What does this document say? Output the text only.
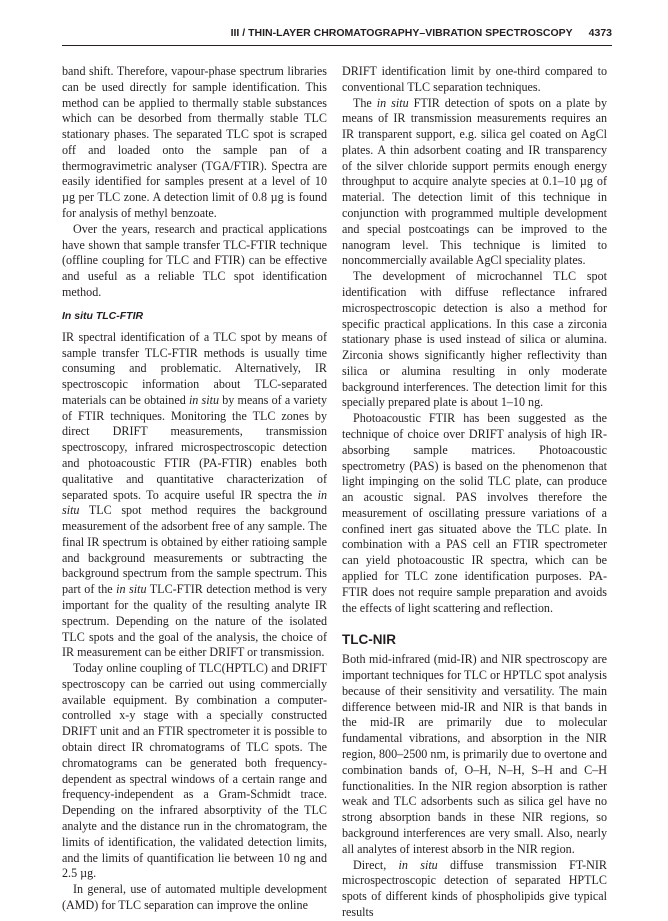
III / THIN-LAYER CHROMATOGRAPHY–VIBRATION SPECTROSCOPY 4373

band shift. Therefore, vapour-phase spectrum libraries can be used directly for sample identification. This method can be applied to thermally stable substances which can be desorbed from thermally stable TLC stationary phases. The separated TLC spot is scraped off and loaded onto the sample pan of a thermogravimetric analyser (TGA/FTIR). Spectra are easily identified for samples present at a level of 10 µg per TLC zone. A detection limit of 0.8 µg is found for analysis of methyl benzoate.

Over the years, research and practical applications have shown that sample transfer TLC-FTIR technique (offline coupling for TLC and FTIR) can be effective and useful as a reliable TLC spot identification method.

In situ TLC-FTIR

IR spectral identification of a TLC spot by means of sample transfer TLC-FTIR methods is usually time consuming and problematic. Alternatively, IR spectroscopic information about TLC-separated materials can be obtained in situ by means of a variety of FTIR techniques. Monitoring the TLC zones by direct DRIFT measurements, transmission spectroscopy, infrared microspectroscopic detection and photoacoustic FTIR (PA-FTIR) enables both qualitative and quantitative characterization of separated spots. To acquire useful IR spectra the in situ TLC spot method requires the background measurement of the adsorbent free of any sample. The final IR spectrum is obtained by either ratioing sample and background measurements or subtracting the background spectrum from the sample spectrum. This part of the in situ TLC-FTIR detection method is very important for the quality of the resulting analyte IR spectrum. Depending on the nature of the isolated TLC spots and the goal of the analysis, the choice of IR measurement can be either DRIFT or transmission.

Today online coupling of TLC(HPTLC) and DRIFT spectroscopy can be carried out using commercially available equipment. By combination a computer-controlled x-y stage with a specially constructed DRIFT unit and an FTIR spectrometer it is possible to obtain direct IR chromatograms of TLC spots. The chromatograms can be generated both frequency-dependent as spectral windows of a certain range and frequency-independent as a Gram-Schmidt trace. Depending on the infrared absorptivity of the TLC analyte and the distance run in the chromatogram, the limits of identification, the validated detection limits, and the limits of quantification lie between 10 ng and 2.5 µg.

In general, use of automated multiple development (AMD) for TLC separation can improve the online

DRIFT identification limit by one-third compared to conventional TLC separation techniques.

The in situ FTIR detection of spots on a plate by means of IR transmission measurements requires an IR transparent support, e.g. silica gel coated on AgCl plates. A thin adsorbent coating and IR transparency of the silver chloride support permits enough energy throughput to acquire analyte species at 0.1–10 µg of material. The detection limit of this technique in conjunction with programmed multiple development and special postcoatings can be improved to the nanogram level. This technique is limited to noncommercially available AgCl speciality plates.

The development of microchannel TLC spot identification with diffuse reflectance infrared microspectroscopic detection is also a method for specific practical applications. In this case a zirconia stationary phase is used instead of silica or alumina. Zirconia shows significantly higher reflectivity than silica or alumina resulting in only moderate background interferences. The detection limit for this specially prepared plate is about 1–10 ng.

Photoacoustic FTIR has been suggested as the technique of choice over DRIFT analysis of high IR-absorbing sample matrices. Photoacoustic spectrometry (PAS) is based on the phenomenon that light impinging on the solid TLC plate, can produce an acoustic signal. PAS involves therefore the measurement of oscillating pressure variations of a confined inert gas situated above the TLC plate. In combination with a PAS cell an FTIR spectrometer can yield photoacoustic IR spectra, which can be applied for TLC zone identification purposes. PA-FTIR does not require sample preparation and avoids the effects of light scattering and reflection.

TLC-NIR

Both mid-infrared (mid-IR) and NIR spectroscopy are important techniques for TLC or HPTLC spot analysis because of their sensitivity and versatility. The main difference between mid-IR and NIR is that bands in the mid-IR are primarily due to molecular fundamental vibrations, and absorption in the NIR region, 800–2500 nm, is primarily due to overtone and combination bands of, O–H, N–H, S–H and C–H functionalities. In the NIR region absorption is rather weak and TLC adsorbents such as silica gel have no strong absorption bands in these NIR regions, so background interferences are very small. Also, nearly all analytes of interest absorb in the NIR region.

Direct, in situ diffuse transmission FT-NIR microspectroscopic detection of separated HPTLC spots of different kinds of phospholipids give typical results
